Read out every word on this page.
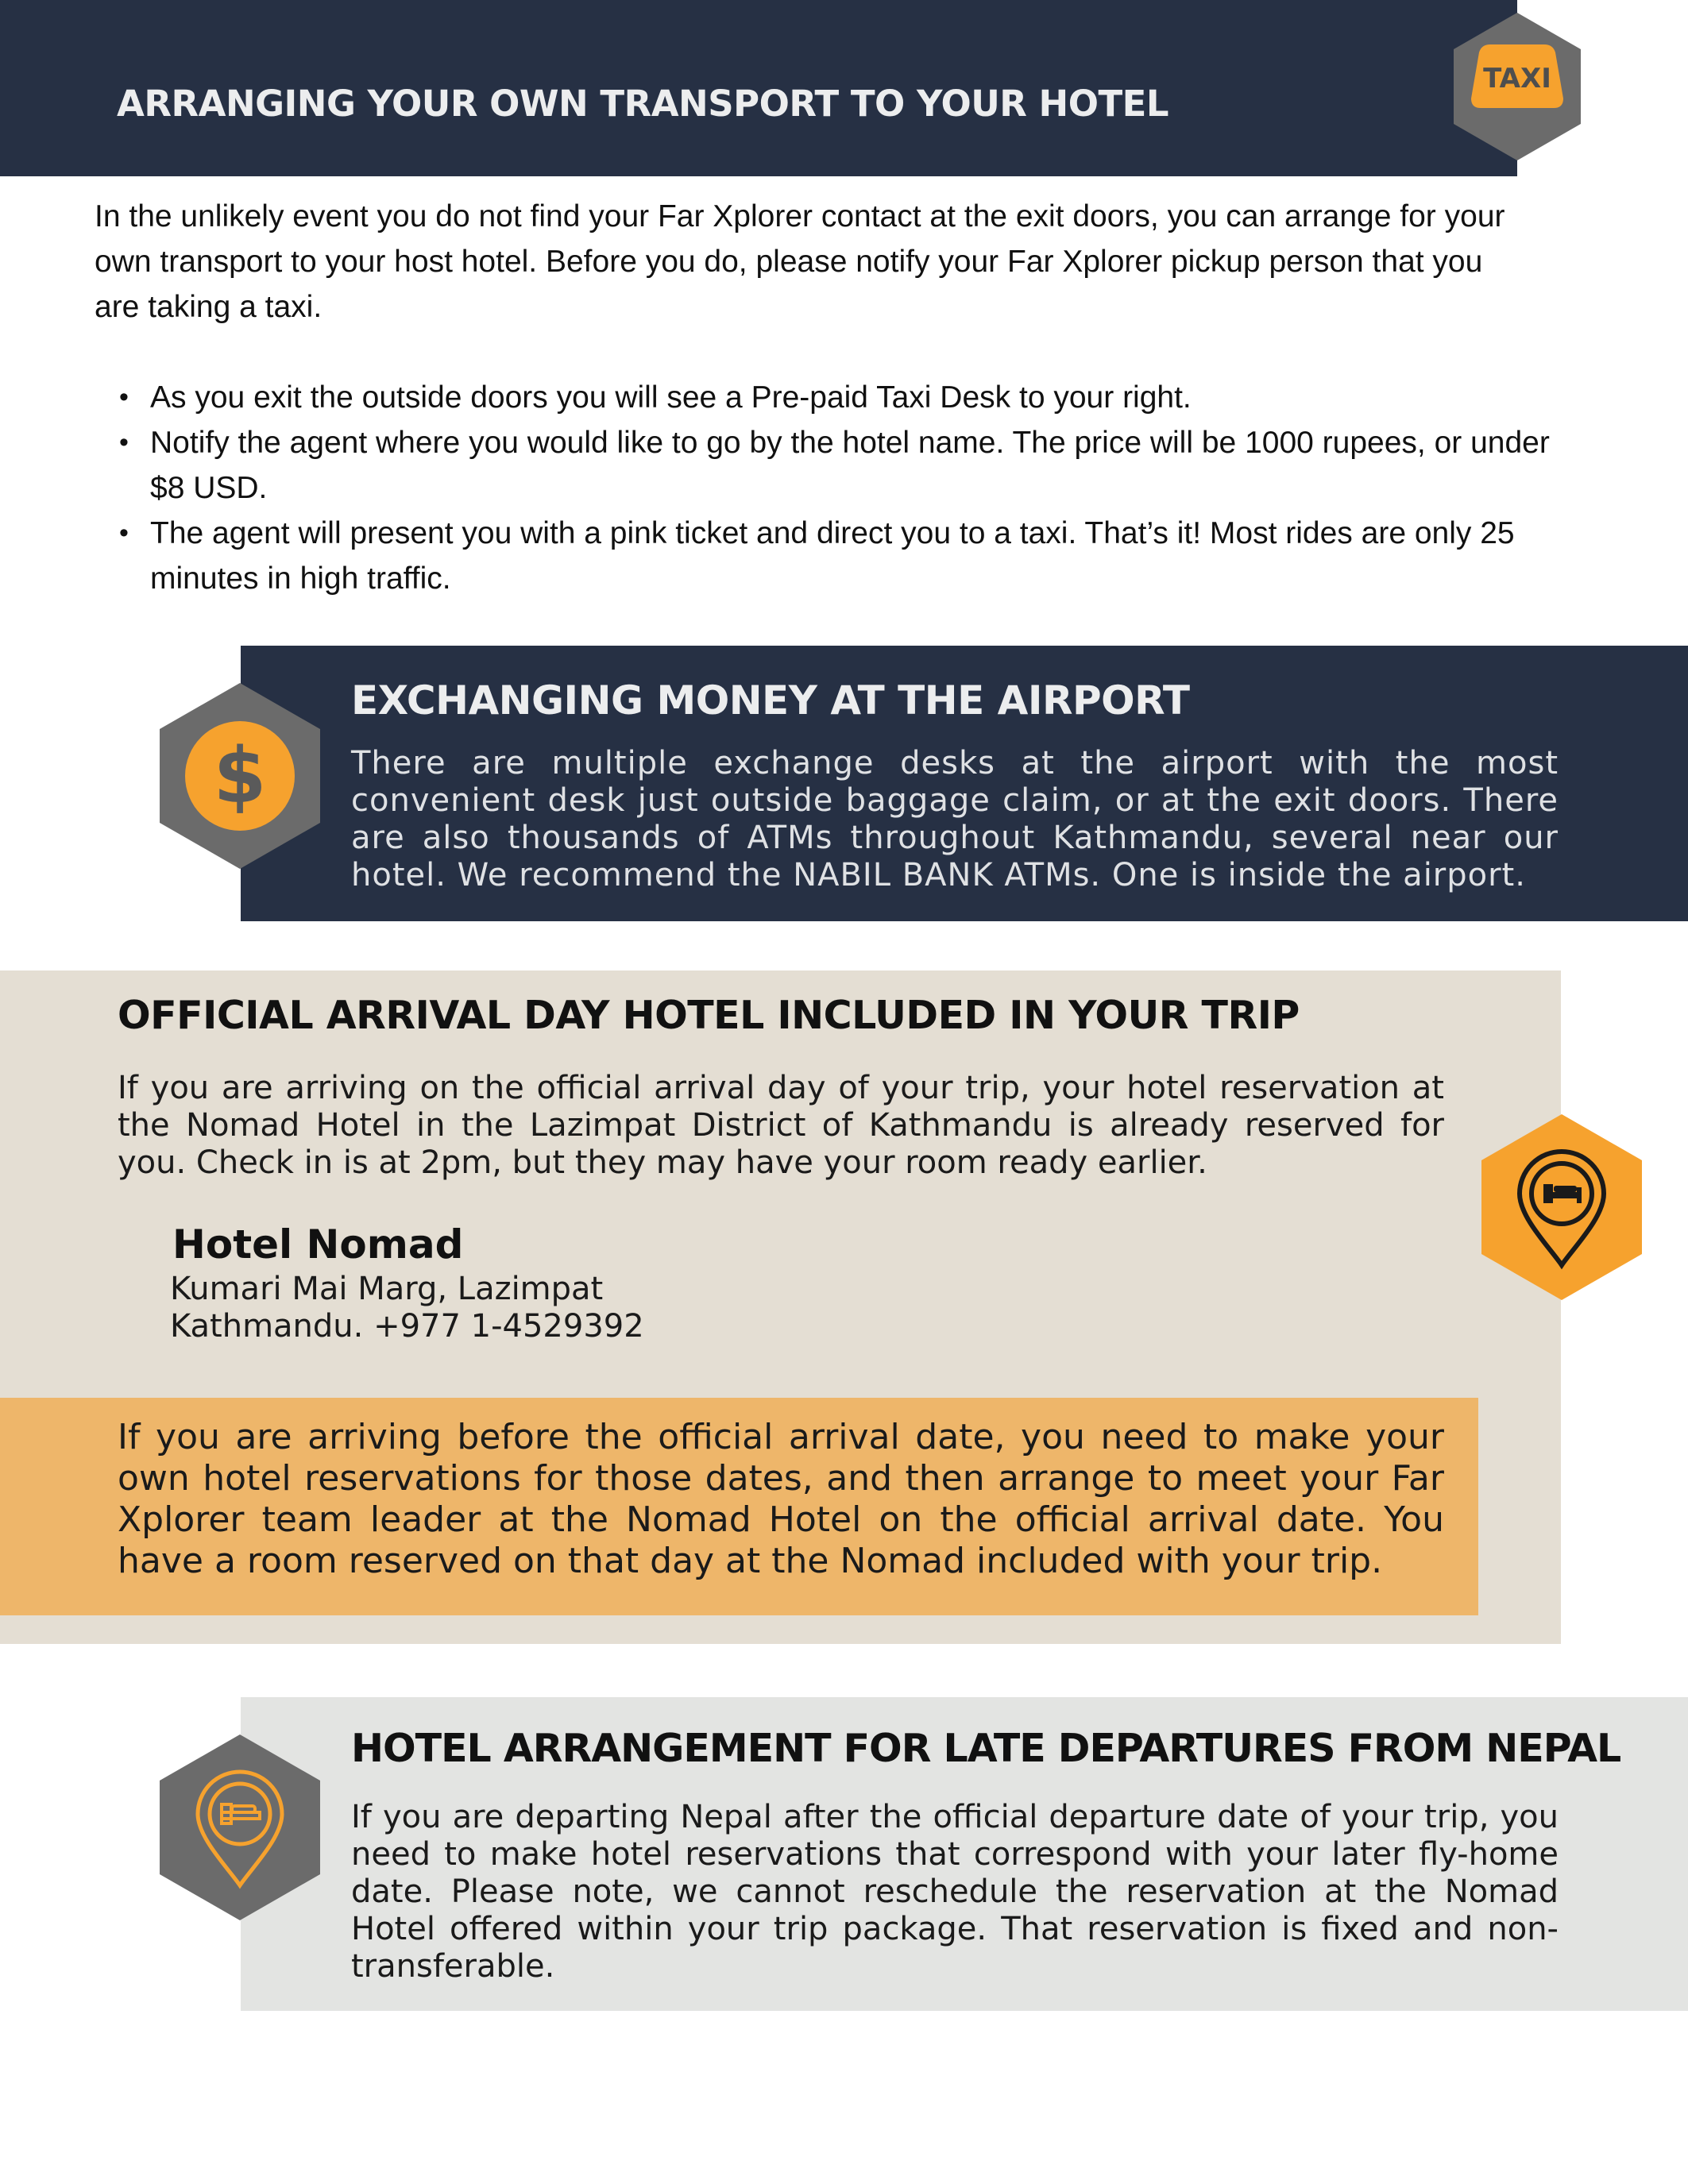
ARRANGING YOUR OWN TRANSPORT TO YOUR HOTEL
TAXI
In the unlikely event you do not find your Far Xplorer contact at the exit doors, you can arrange for your own transport to your host hotel. Before you do, please notify your Far Xplorer pickup person that you are taking a taxi.
• As you exit the outside doors you will see a Pre-paid Taxi Desk to your right.
• Notify the agent where you would like to go by the hotel name. The price will be 1000 rupees, or under $8 USD.
• The agent will present you with a pink ticket and direct you to a taxi. That’s it! Most rides are only 25 minutes in high traffic.
$
EXCHANGING MONEY AT THE AIRPORT
There are multiple exchange desks at the airport with the most convenient desk just outside baggage claim, or at the exit doors. There are also thousands of ATMs throughout Kathmandu, several near our hotel. We recommend the NABIL BANK ATMs. One is inside the airport.
OFFICIAL ARRIVAL DAY HOTEL INCLUDED IN YOUR TRIP
If you are arriving on the official arrival day of your trip, your hotel reservation at the Nomad Hotel in the Lazimpat District of Kathmandu is already reserved for you. Check in is at 2pm, but they may have your room ready earlier.
Hotel Nomad
Kumari Mai Marg, Lazimpat
Kathmandu. +977 1-4529392
If you are arriving before the official arrival date, you need to make your own hotel reservations for those dates, and then arrange to meet your Far Xplorer team leader at the Nomad Hotel on the official arrival date. You have a room reserved on that day at the Nomad included with your trip.
HOTEL ARRANGEMENT FOR LATE DEPARTURES FROM NEPAL
If you are departing Nepal after the official departure date of your trip, you need to make hotel reservations that correspond with your later fly-home date. Please note, we cannot reschedule the reservation at the Nomad Hotel offered within your trip package. That reservation is fixed and non-transferable.
